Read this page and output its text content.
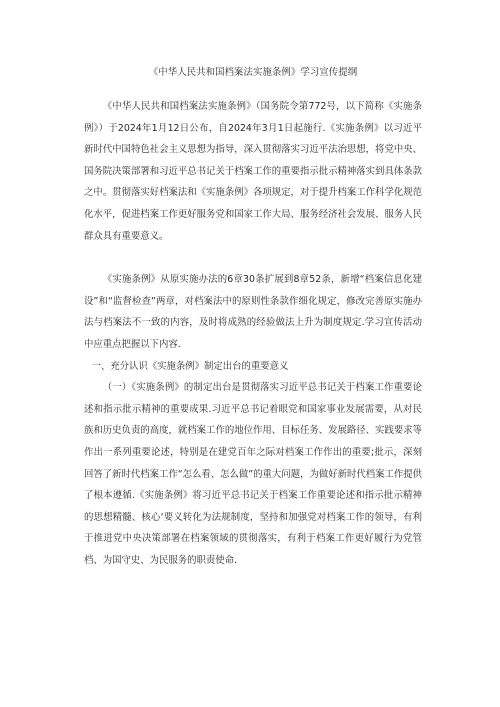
《中华人民共和国档案法实施条例》学习宣传提纲

《中华人民共和国档案法实施条例》（国务院令第772号，以下简称《实施条例》）于2024年1月12日公布，自2024年3月1日起施行.《实施条例》以习近平新时代中国特色社会主义思想为指导，深入贯彻落实习近平法治思想，将党中央、国务院决策部署和习近平总书记关于档案工作的重要指示批示精神落实到具体条款之中。贯彻落实好档案法和《实施条例》各项规定，对于提升档案工作科学化规范化水平，促进档案工作更好服务党和国家工作大局、服务经济社会发展、服务人民群众具有重要意义。

《实施条例》从原实施办法的6章30条扩展到8章52条，新增“档案信息化建设”和“监督检查”两章，对档案法中的原则性条款作细化规定，修改完善原实施办法与档案法不一致的内容，及时将成熟的经验做法上升为制度规定.学习宣传活动中应重点把握以下内容.

一、充分认识《实施条例》制定出台的重要意义

（一）《实施条例》的制定出台是贯彻落实习近平总书记关于档案工作重要论述和指示批示精神的重要成果.习近平总书记着眼党和国家事业发展需要，从对民族和历史负责的高度，就档案工作的地位作用、目标任务、发展路径、实践要求等作出一系列重要论述，特别是在建党百年之际对档案工作作出的重要;批示，深刻回答了新时代档案工作“怎么看、怎么做”的重大问题，为做好新时代档案工作提供了根本遵循.《实施条例》将习近平总书记关于档案工作重要论述和指示批示精神的思想精髓、核心‘要义转化为法规制度，坚持和加强党对档案工作的领导，有利于推进党中央决策部署在档案领域的贯彻落实，有利于档案工作更好履行为党管档、为国守史、为民服务的职责使命.
